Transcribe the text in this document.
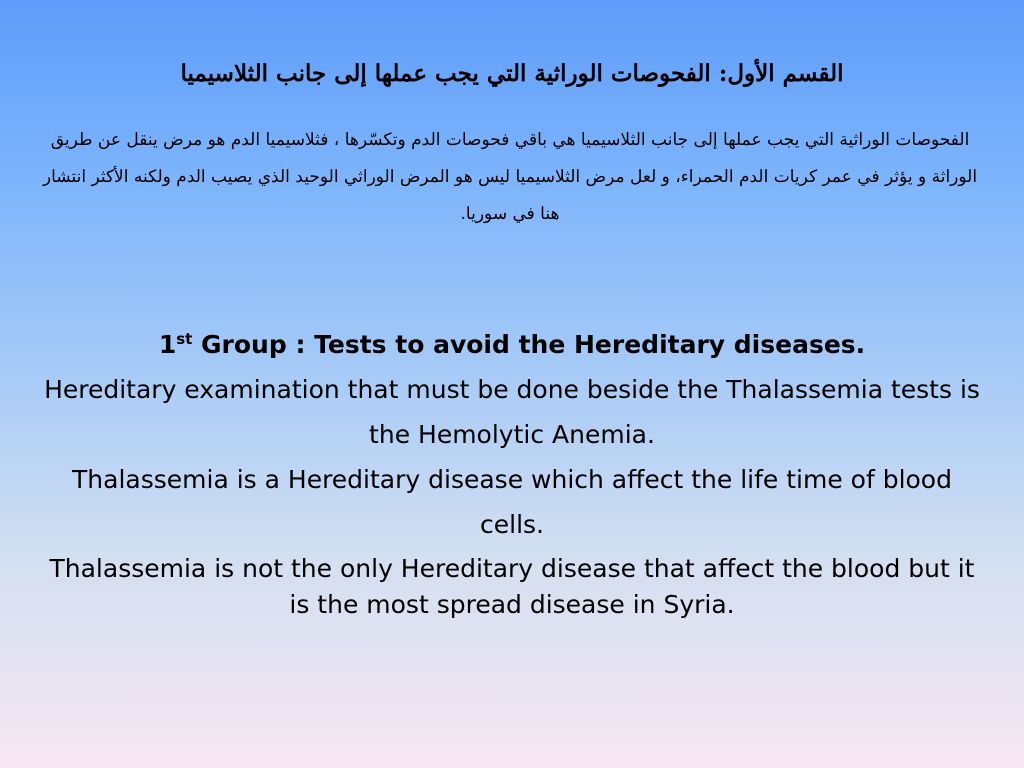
القسم الأول: الفحوصات الوراثية التي يجب عملها إلى جانب الثلاسيميا

الفحوصات الوراثية التي يجب عملها إلى جانب الثلاسيميا هي باقي فحوصات الدم وتكسّرها ، فثلاسيميا الدم هو مرض ينقل عن طريق الوراثة و يؤثر في عمر كريات الدم الحمراء، و لعل مرض الثلاسيميا ليس هو المرض الوراثي الوحيد الذي يصيب الدم ولكنه الأكثر انتشار هنا في سوريا.

1st Group : Tests to avoid the Hereditary diseases.

Hereditary examination that must be done beside the Thalassemia tests is the Hemolytic Anemia.

Thalassemia is a Hereditary disease which affect the life time of blood cells.

Thalassemia is not the only Hereditary disease that affect the blood but it is the most spread disease in Syria.
